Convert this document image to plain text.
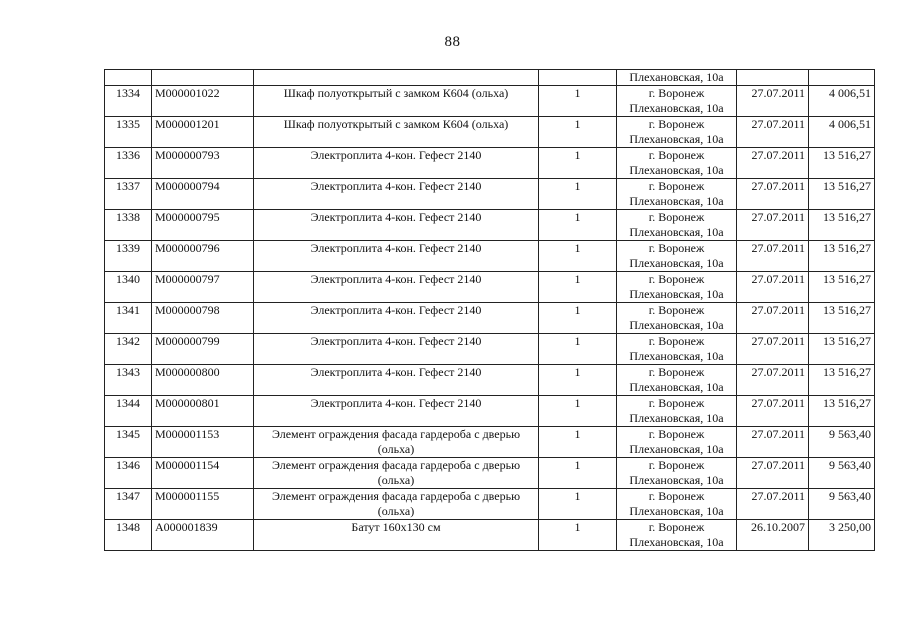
88

				Плехановская, 10а		

1334	M000001022	Шкаф полуоткрытый с замком К604 (ольха)	1	г. Воронеж
Плехановская, 10а	27.07.2011	4 006,51

1335	M000001201	Шкаф полуоткрытый с замком К604 (ольха)	1	г. Воронеж
Плехановская, 10а	27.07.2011	4 006,51

1336	M000000793	Электроплита 4-кон. Гефест 2140	1	г. Воронеж
Плехановская, 10а	27.07.2011	13 516,27

1337	M000000794	Электроплита 4-кон. Гефест 2140	1	г. Воронеж
Плехановская, 10а	27.07.2011	13 516,27

1338	M000000795	Электроплита 4-кон. Гефест 2140	1	г. Воронеж
Плехановская, 10а	27.07.2011	13 516,27

1339	M000000796	Электроплита 4-кон. Гефест 2140	1	г. Воронеж
Плехановская, 10а	27.07.2011	13 516,27

1340	M000000797	Электроплита 4-кон. Гефест 2140	1	г. Воронеж
Плехановская, 10а	27.07.2011	13 516,27

1341	M000000798	Электроплита 4-кон. Гефест 2140	1	г. Воронеж
Плехановская, 10а	27.07.2011	13 516,27

1342	M000000799	Электроплита 4-кон. Гефест 2140	1	г. Воронеж
Плехановская, 10а	27.07.2011	13 516,27

1343	M000000800	Электроплита 4-кон. Гефест 2140	1	г. Воронеж
Плехановская, 10а	27.07.2011	13 516,27

1344	M000000801	Электроплита 4-кон. Гефест 2140	1	г. Воронеж
Плехановская, 10а	27.07.2011	13 516,27

1345	M000001153	Элемент ограждения фасада гардероба с дверью
(ольха)	1	г. Воронеж
Плехановская, 10а	27.07.2011	9 563,40

1346	M000001154	Элемент ограждения фасада гардероба с дверью
(ольха)	1	г. Воронеж
Плехановская, 10а	27.07.2011	9 563,40

1347	M000001155	Элемент ограждения фасада гардероба с дверью
(ольха)	1	г. Воронеж
Плехановская, 10а	27.07.2011	9 563,40

1348	A000001839	Батут 160х130 см	1	г. Воронеж
Плехановская, 10а	26.10.2007	3 250,00
